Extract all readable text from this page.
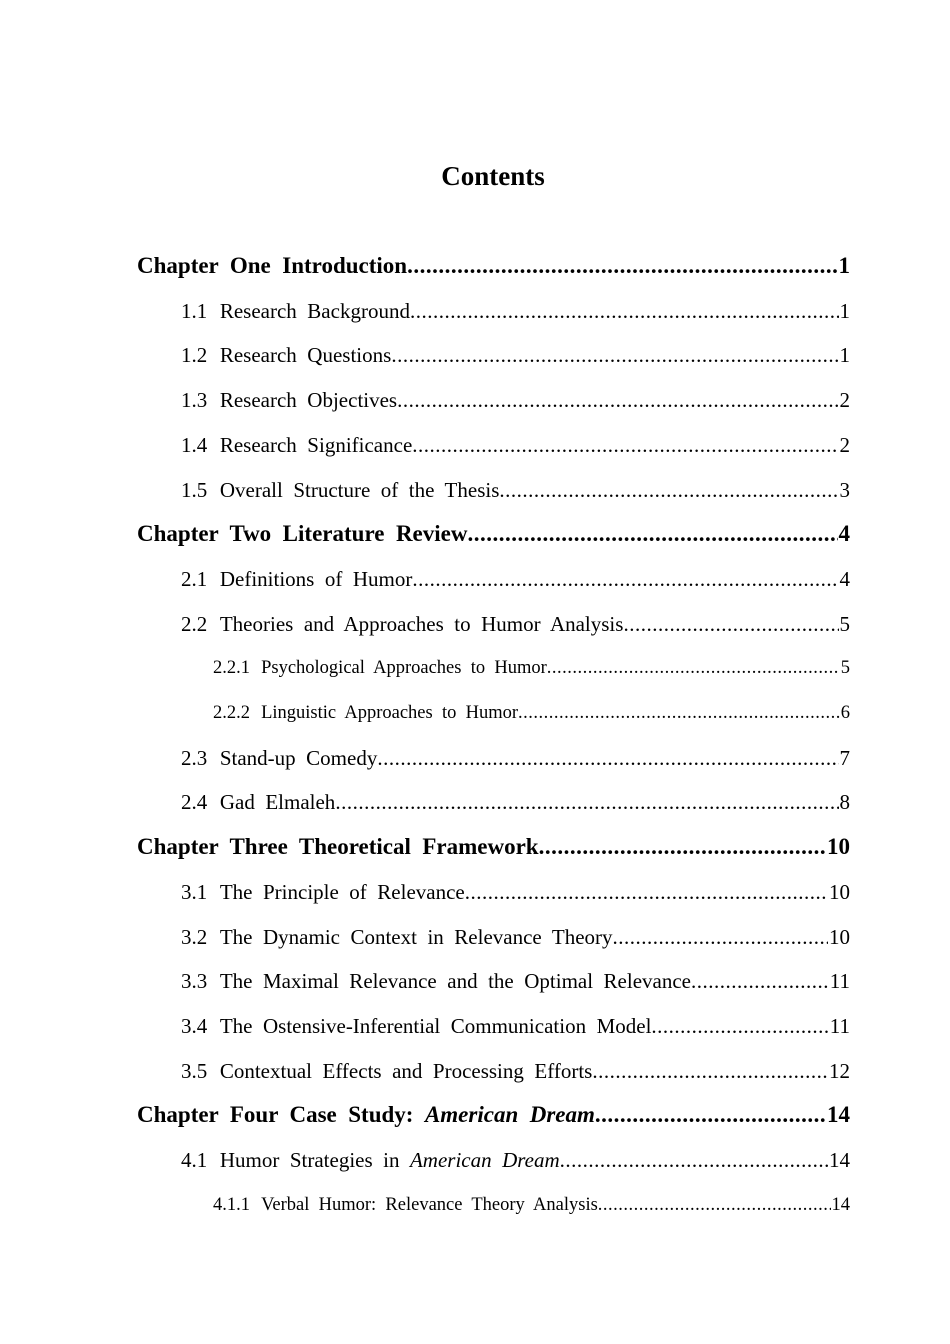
Contents
Chapter One Introduction .....	1
1.1 Research Background .....	1
1.2 Research Questions .....	1
1.3 Research Objectives .....	2
1.4 Research Significance .....	2
1.5 Overall Structure of the Thesis .....	3
Chapter Two Literature Review .....	4
2.1 Definitions of Humor .....	4
2.2 Theories and Approaches to Humor Analysis .....	5
2.2.1 Psychological Approaches to Humor .....	5
2.2.2 Linguistic Approaches to Humor .....	6
2.3 Stand-up Comedy .....	7
2.4 Gad Elmaleh .....	8
Chapter Three Theoretical Framework .....	10
3.1 The Principle of Relevance .....	10
3.2 The Dynamic Context in Relevance Theory .....	10
3.3 The Maximal Relevance and the Optimal Relevance .....	11
3.4 The Ostensive-Inferential Communication Model .....	11
3.5 Contextual Effects and Processing Efforts .....	12
Chapter Four Case Study: American Dream .....	14
4.1 Humor Strategies in American Dream .....	14
4.1.1 Verbal Humor: Relevance Theory Analysis .....	14
